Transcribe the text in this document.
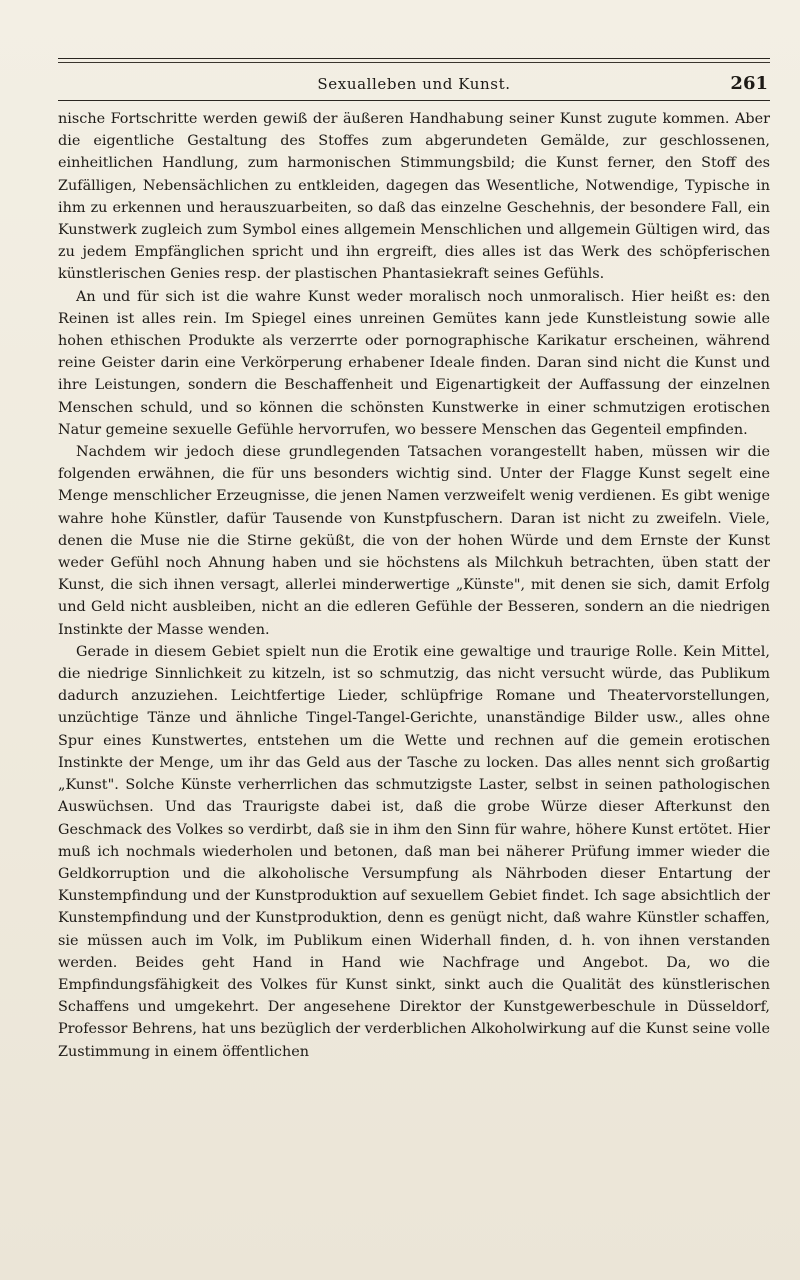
Sexualleben und Kunst.	261

nische Fortschritte werden gewiß der äußeren Handhabung seiner Kunst zugute kommen. Aber die eigentliche Gestaltung des Stoffes zum abgerundeten Gemälde, zur geschlossenen, einheitlichen Handlung, zum harmonischen Stimmungsbild; die Kunst ferner, den Stoff des Zufälligen, Nebensächlichen zu entkleiden, dagegen das Wesentliche, Notwendige, Typische in ihm zu erkennen und herauszuarbeiten, so daß das einzelne Geschehnis, der besondere Fall, ein Kunstwerk zugleich zum Symbol eines allgemein Menschlichen und allgemein Gültigen wird, das zu jedem Empfänglichen spricht und ihn ergreift, dies alles ist das Werk des schöpferischen künstlerischen Genies resp. der plastischen Phantasiekraft seines Gefühls.

An und für sich ist die wahre Kunst weder moralisch noch unmoralisch. Hier heißt es: den Reinen ist alles rein. Im Spiegel eines unreinen Gemütes kann jede Kunstleistung sowie alle hohen ethischen Produkte als verzerrte oder pornographische Karikatur erscheinen, während reine Geister darin eine Verkörperung erhabener Ideale finden. Daran sind nicht die Kunst und ihre Leistungen, sondern die Beschaffenheit und Eigenartigkeit der Auffassung der einzelnen Menschen schuld, und so können die schönsten Kunstwerke in einer schmutzigen erotischen Natur gemeine sexuelle Gefühle hervorrufen, wo bessere Menschen das Gegenteil empfinden.

Nachdem wir jedoch diese grundlegenden Tatsachen vorangestellt haben, müssen wir die folgenden erwähnen, die für uns besonders wichtig sind. Unter der Flagge Kunst segelt eine Menge menschlicher Erzeugnisse, die jenen Namen verzweifelt wenig verdienen. Es gibt wenige wahre hohe Künstler, dafür Tausende von Kunstpfuschern. Daran ist nicht zu zweifeln. Viele, denen die Muse nie die Stirne geküßt, die von der hohen Würde und dem Ernste der Kunst weder Gefühl noch Ahnung haben und sie höchstens als Milchkuh betrachten, üben statt der Kunst, die sich ihnen versagt, allerlei minderwertige „Künste", mit denen sie sich, damit Erfolg und Geld nicht ausbleiben, nicht an die edleren Gefühle der Besseren, sondern an die niedrigen Instinkte der Masse wenden.

Gerade in diesem Gebiet spielt nun die Erotik eine gewaltige und traurige Rolle. Kein Mittel, die niedrige Sinnlichkeit zu kitzeln, ist so schmutzig, das nicht versucht würde, das Publikum dadurch anzuziehen. Leichtfertige Lieder, schlüpfrige Romane und Theatervorstellungen, unzüchtige Tänze und ähnliche Tingel-Tangel-Gerichte, unanständige Bilder usw., alles ohne Spur eines Kunstwertes, entstehen um die Wette und rechnen auf die gemein erotischen Instinkte der Menge, um ihr das Geld aus der Tasche zu locken. Das alles nennt sich großartig „Kunst". Solche Künste verherrlichen das schmutzigste Laster, selbst in seinen pathologischen Auswüchsen. Und das Traurigste dabei ist, daß die grobe Würze dieser Afterkunst den Geschmack des Volkes so verdirbt, daß sie in ihm den Sinn für wahre, höhere Kunst ertötet. Hier muß ich nochmals wiederholen und betonen, daß man bei näherer Prüfung immer wieder die Geldkorruption und die alkoholische Versumpfung als Nährboden dieser Entartung der Kunstempfindung und der Kunstproduktion auf sexuellem Gebiet findet. Ich sage absichtlich der Kunstempfindung und der Kunstproduktion, denn es genügt nicht, daß wahre Künstler schaffen, sie müssen auch im Volk, im Publikum einen Widerhall finden, d. h. von ihnen verstanden werden. Beides geht Hand in Hand wie Nachfrage und Angebot. Da, wo die Empfindungsfähigkeit des Volkes für Kunst sinkt, sinkt auch die Qualität des künstlerischen Schaffens und umgekehrt. Der angesehene Direktor der Kunstgewerbeschule in Düsseldorf, Professor Behrens, hat uns bezüglich der verderblichen Alkoholwirkung auf die Kunst seine volle Zustimmung in einem öffentlichen
